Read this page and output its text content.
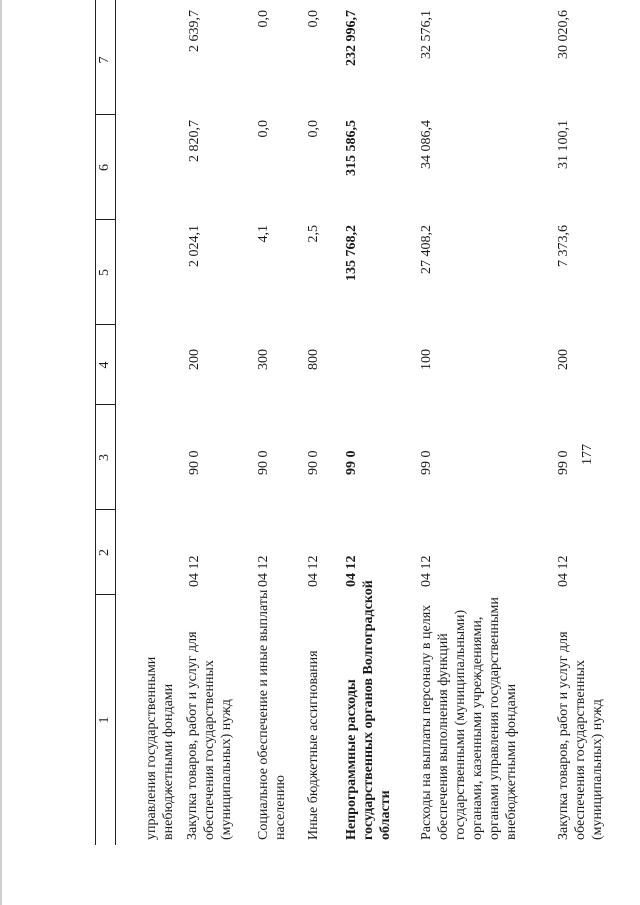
177
1
2
3
4
5
6
7
управления государственными внебюджетными фондами Закупка товаров, работ и услуг для обеспечения государственных (муниципальных) нужд
04 12
90 0
200
2 024,1
2 820,7
2 639,7
Социальное обеспечение и иные выплаты населению
04 12
90 0
300
4,1
0,0
0,0
Иные бюджетные ассигнования
04 12
90 0
800
2,5
0,0
0,0
Непрограммные расходы государственных органов Волгоградской области
04 12
99 0
135 768,2
315 586,5
232 996,7
Расходы на выплаты персоналу в целях обеспечения выполнения функций государственными (муниципальными) органами, казенными учреждениями, органами управления государственными внебюджетными фондами
04 12
99 0
100
27 408,2
34 086,4
32 576,1
Закупка товаров, работ и услуг для обеспечения государственных (муниципальных) нужд
04 12
99 0
200
7 373,6
31 100,1
30 020,6
